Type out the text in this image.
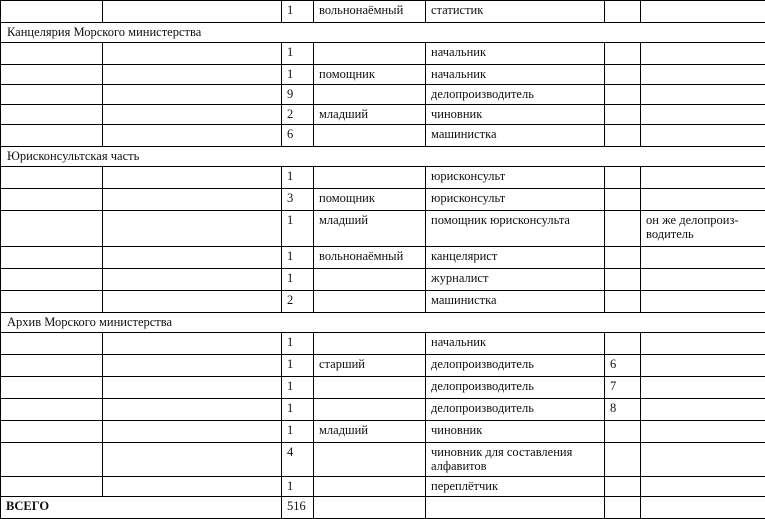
		1	вольнонаёмный	статистик		
Канцелярия Морского министерства						
		1		начальник		
		1	помощник	начальник		
		9		делопроизводитель		
		2	младший	чиновник		
		6		машинистка		
Юрисконсультская часть						
		1		юрисконсульт		
		3	помощник	юрисконсульт		
		1	младший	помощник юрисконсульта		он же делопроиз-водитель
		1	вольнонаёмный	канцелярист		
		1		журналист		
		2		машинистка		
Архив Морского министерства						
		1		начальник		
		1	старший	делопроизводитель	6	
		1		делопроизводитель	7	
		1		делопроизводитель	8	
		1	младший	чиновник		
		4		чиновник для составления алфавитов		
		1		переплётчик		
ВСЕГО		516				
